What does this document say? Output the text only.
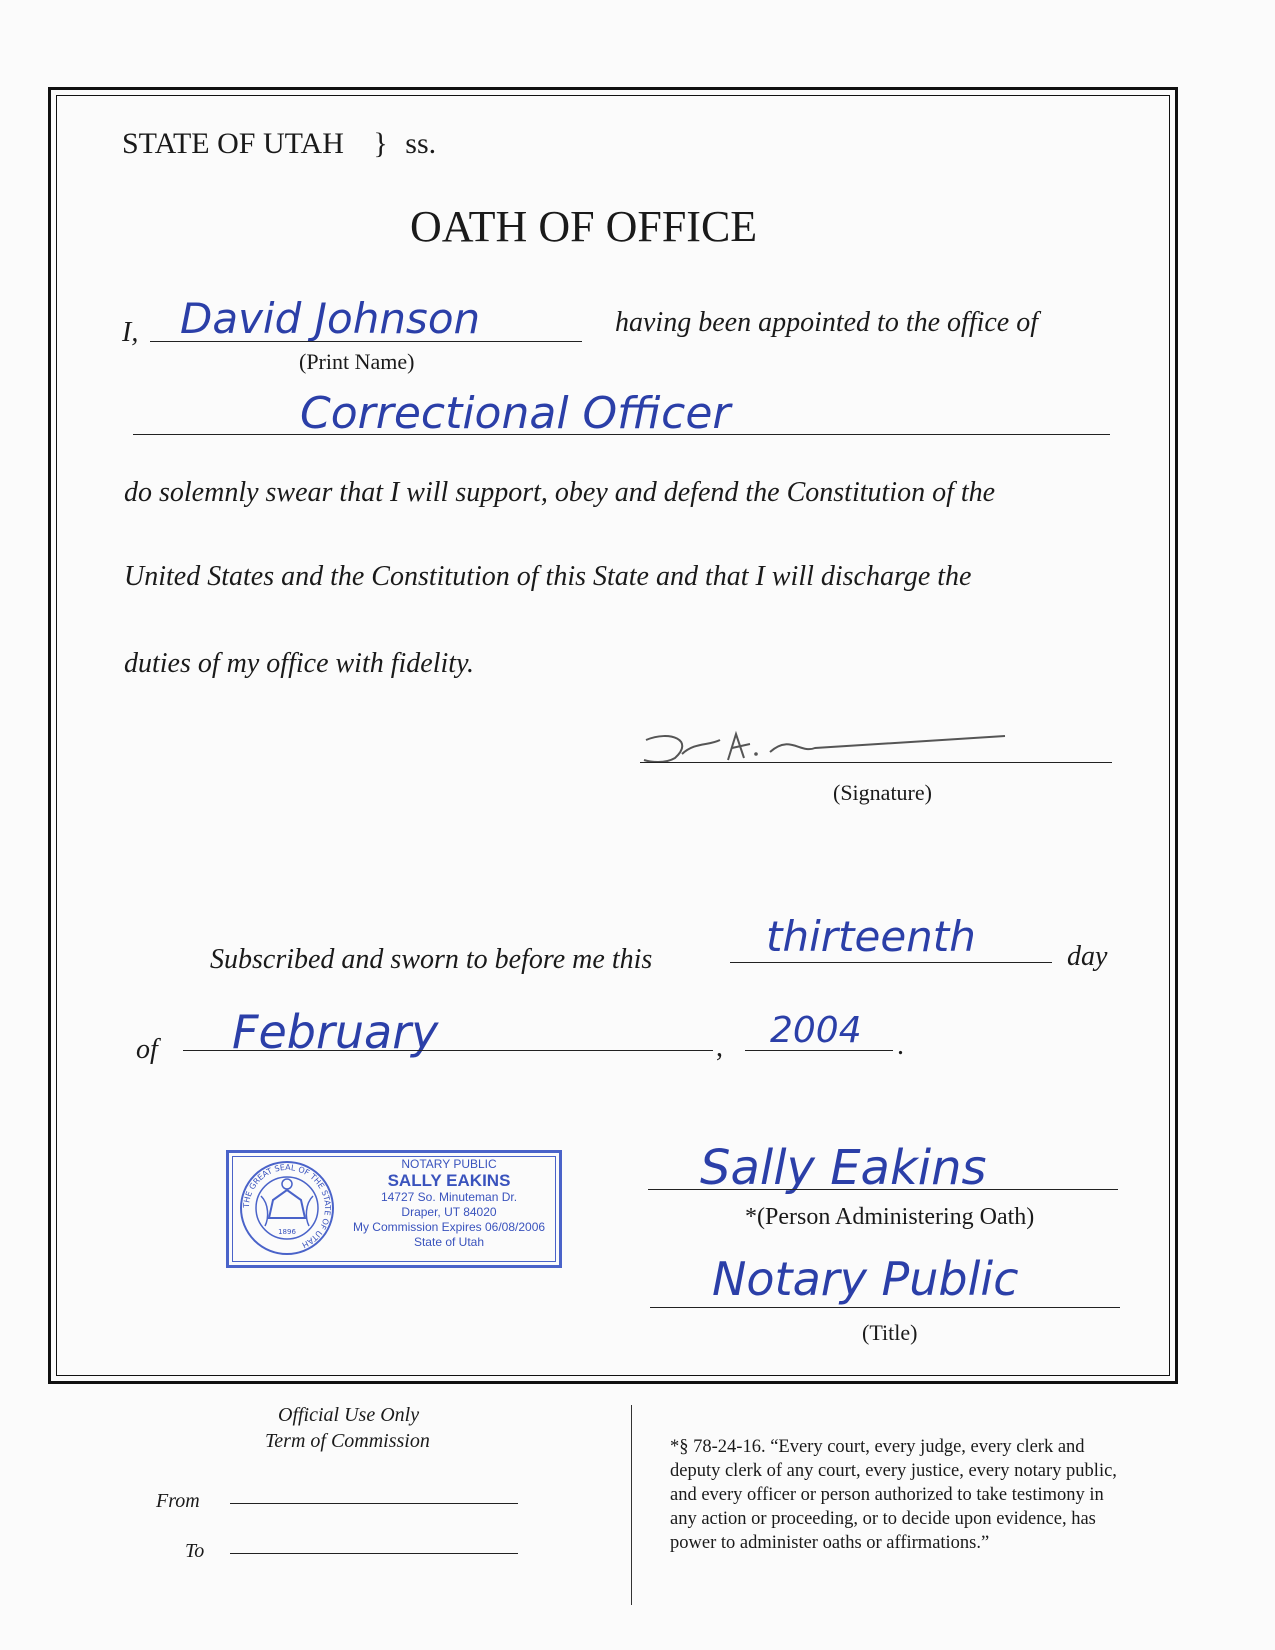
STATE OF UTAH } ss.
OATH OF OFFICE
I, David Johnson
(Print Name)
having been appointed to the office of
Correctional Officer
do solemnly swear that I will support, obey and defend the Constitution of the
United States and the Constitution of this State and that I will discharge the
duties of my office with fidelity.
(Signature)
Subscribed and sworn to before me this	thirteenth	day
of February	, 2004 .
THE GREAT SEAL OF THE STATE OF UTAH
1896
NOTARY PUBLIC
SALLY EAKINS
14727 So. Minuteman Dr.
Draper, UT 84020
My Commission Expires 06/08/2006
State of Utah
Sally Eakins
*(Person Administering Oath)
Notary Public
(Title)
Official Use Only
Term of Commission
From
To
*§ 78-24-16. “Every court, every judge, every clerk and
deputy clerk of any court, every justice, every notary public,
and every officer or person authorized to take testimony in
any action or proceeding, or to decide upon evidence, has
power to administer oaths or affirmations.”
